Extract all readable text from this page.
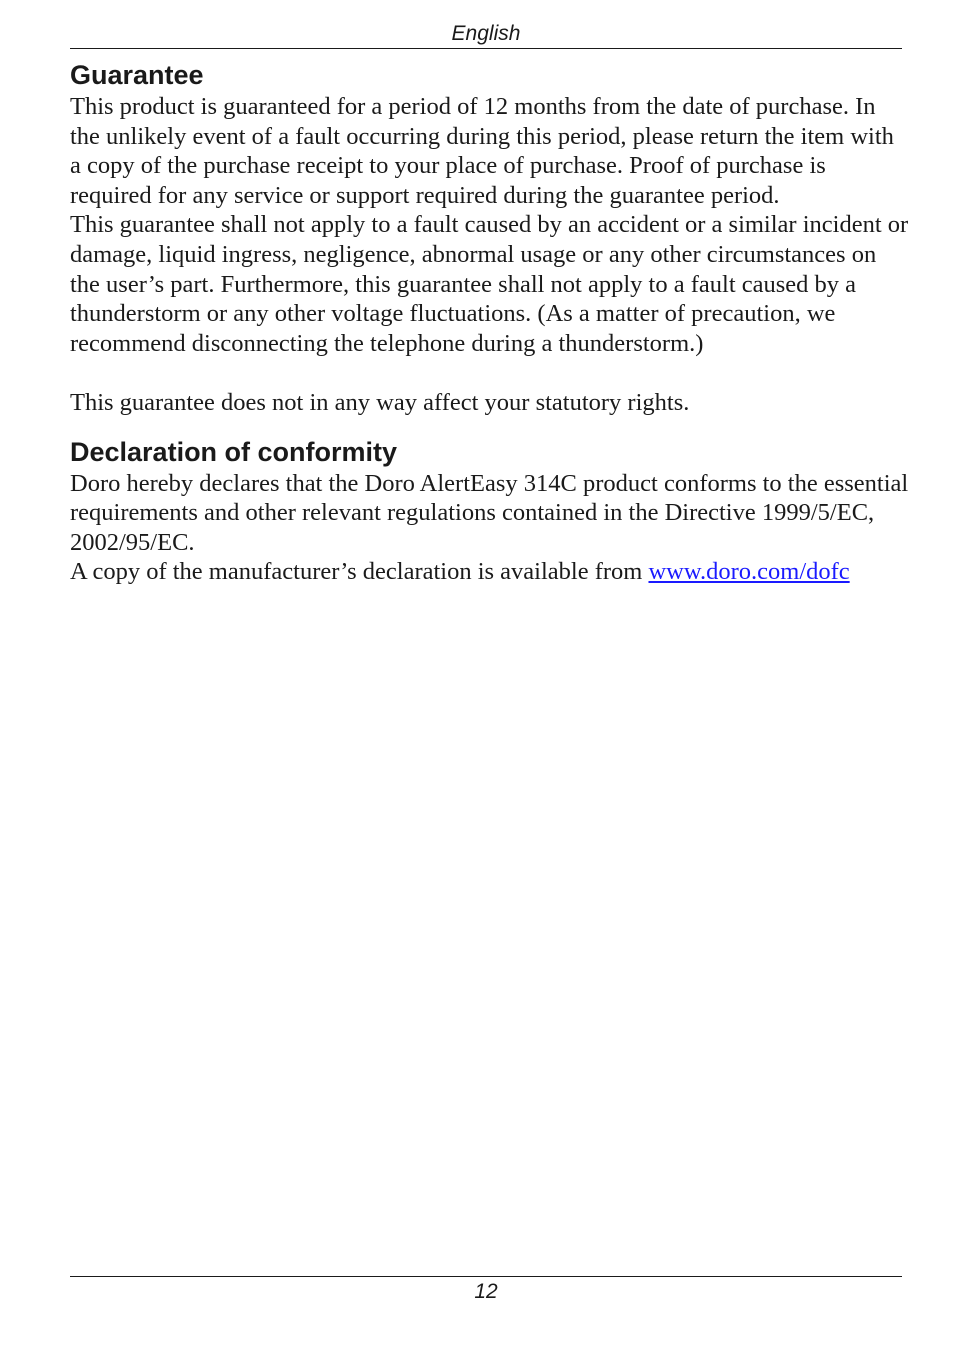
English
Guarantee

This product is guaranteed for a period of 12 months from the date of purchase. In the unlikely event of a fault occurring during this period, please return the item with a copy of the purchase receipt to your place of purchase. Proof of purchase is required for any service or support required during the guarantee period.

This guarantee shall not apply to a fault caused by an accident or a similar incident or damage, liquid ingress, negligence, abnormal usage or any other circumstances on the user’s part. Furthermore, this guarantee shall not apply to a fault caused by a thunderstorm or any other voltage fluctuations. (As a matter of precaution, we recommend disconnecting the telephone during a thunderstorm.)

This guarantee does not in any way affect your statutory rights.

Declaration of conformity

Doro hereby declares that the Doro AlertEasy 314C product conforms to the essential requirements and other relevant regulations contained in the Directive 1999/5/EC, 2002/95/EC.

A copy of the manufacturer’s declaration is available from www.doro.com/dofc

12
